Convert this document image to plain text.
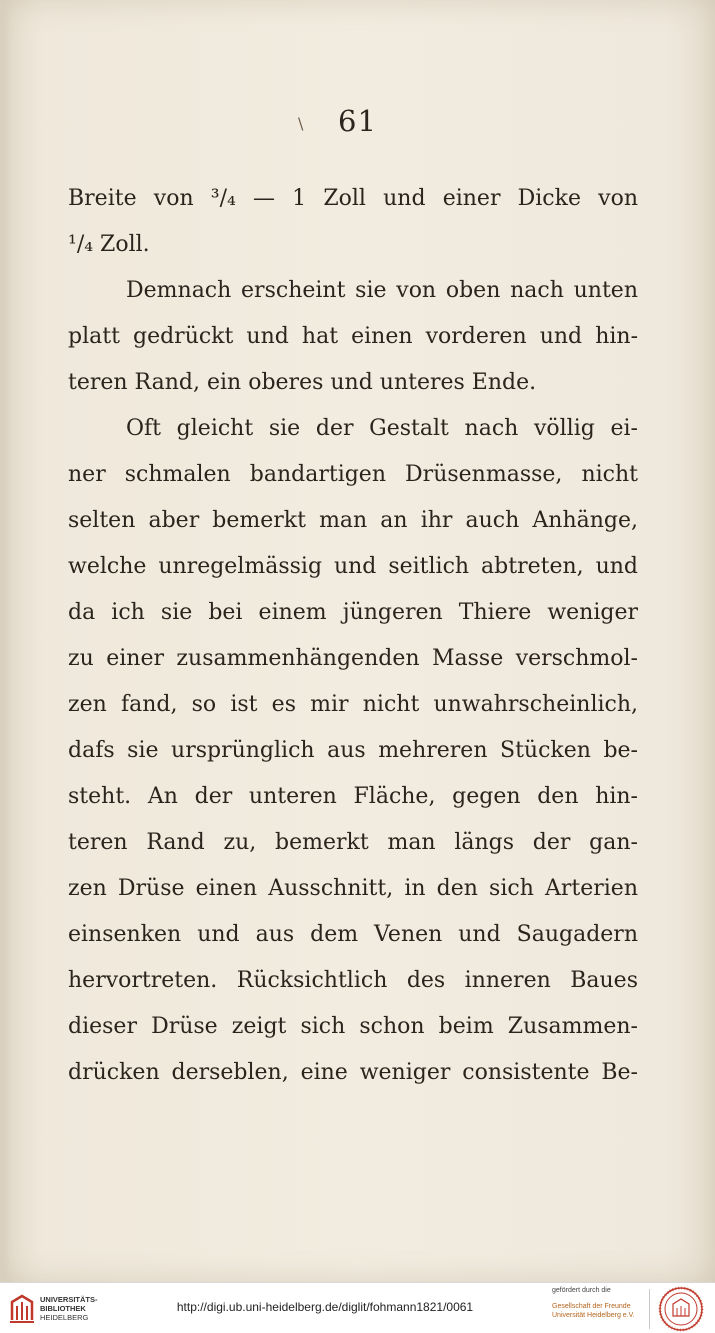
\	61
Breite von ³/₄ — 1 Zoll und einer Dicke von
¹/₄ Zoll.
Demnach erscheint sie von oben nach unten
platt gedrückt und hat einen vorderen und hin-
teren Rand, ein oberes und unteres Ende.
Oft gleicht sie der Gestalt nach völlig ei-
ner schmalen bandartigen Drüsenmasse, nicht
selten aber bemerkt man an ihr auch Anhänge,
welche unregelmässig und seitlich abtreten, und
da ich sie bei einem jüngeren Thiere weniger
zu einer zusammenhängenden Masse verschmol-
zen fand, so ist es mir nicht unwahrscheinlich,
dafs sie ursprünglich aus mehreren Stücken be-
steht. An der unteren Fläche, gegen den hin-
teren Rand zu, bemerkt man längs der gan-
zen Drüse einen Ausschnitt, in den sich Arterien
einsenken und aus dem Venen und Saugadern
hervortreten. Rücksichtlich des inneren Baues
dieser Drüse zeigt sich schon beim Zusammen-
drücken derseblen, eine weniger consistente Be-
UNIVERSITÄTS-
BIBLIOTHEK
HEIDELBERG
http://digi.ub.uni-heidelberg.de/diglit/fohmann1821/0061
gefördert durch die
Gesellschaft der Freunde
Universität Heidelberg e.V.
